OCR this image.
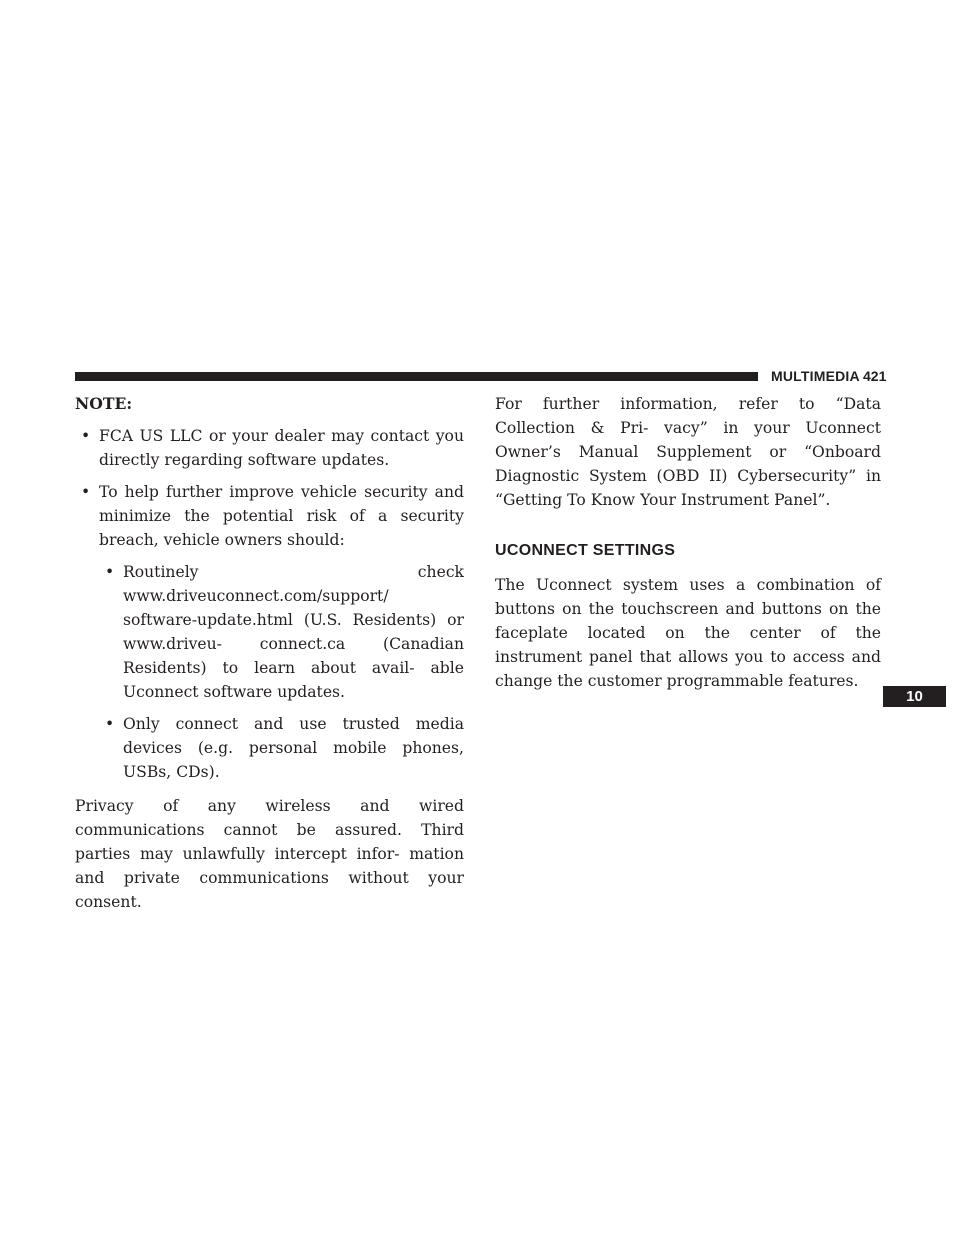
MULTIMEDIA 421

NOTE:

• FCA US LLC or your dealer may contact you directly regarding software updates.
• To help further improve vehicle security and minimize the potential risk of a security breach, vehicle owners should:
• Routinely check www.driveuconnect.com/support/ software-update.html (U.S. Residents) or www.driveu- connect.ca (Canadian Residents) to learn about avail- able Uconnect software updates.
• Only connect and use trusted media devices (e.g. personal mobile phones, USBs, CDs).

Privacy of any wireless and wired communications cannot be assured. Third parties may unlawfully intercept infor- mation and private communications without your consent.

For further information, refer to “Data Collection & Pri- vacy” in your Uconnect Owner’s Manual Supplement or “Onboard Diagnostic System (OBD II) Cybersecurity” in “Getting To Know Your Instrument Panel”.

UCONNECT SETTINGS

The Uconnect system uses a combination of buttons on the touchscreen and buttons on the faceplate located on the center of the instrument panel that allows you to access and change the customer programmable features.

10
